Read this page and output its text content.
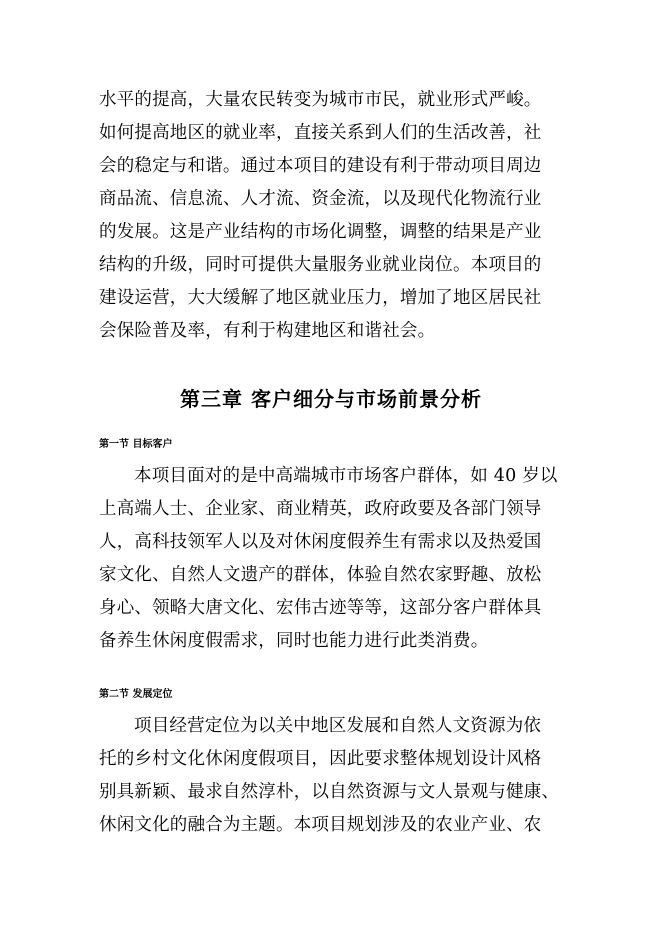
水平的提高，大量农民转变为城市市民，就业形式严峻。
如何提高地区的就业率，直接关系到人们的生活改善，社
会的稳定与和谐。通过本项目的建设有利于带动项目周边
商品流、信息流、人才流、资金流，以及现代化物流行业
的发展。这是产业结构的市场化调整，调整的结果是产业
结构的升级，同时可提供大量服务业就业岗位。本项目的
建设运营，大大缓解了地区就业压力，增加了地区居民社
会保险普及率，有利于构建地区和谐社会。
第三章 客户细分与市场前景分析
第一节 目标客户
本项目面对的是中高端城市市场客户群体，如 40 岁以
上高端人士、企业家、商业精英，政府政要及各部门领导
人，高科技领军人以及对休闲度假养生有需求以及热爱国
家文化、自然人文遗产的群体，体验自然农家野趣、放松
身心、领略大唐文化、宏伟古迹等等，这部分客户群体具
备养生休闲度假需求，同时也能力进行此类消费。
第二节 发展定位
项目经营定位为以关中地区发展和自然人文资源为依
托的乡村文化休闲度假项目，因此要求整体规划设计风格
别具新颖、最求自然淳朴，以自然资源与文人景观与健康、
休闲文化的融合为主题。本项目规划涉及的农业产业、农
